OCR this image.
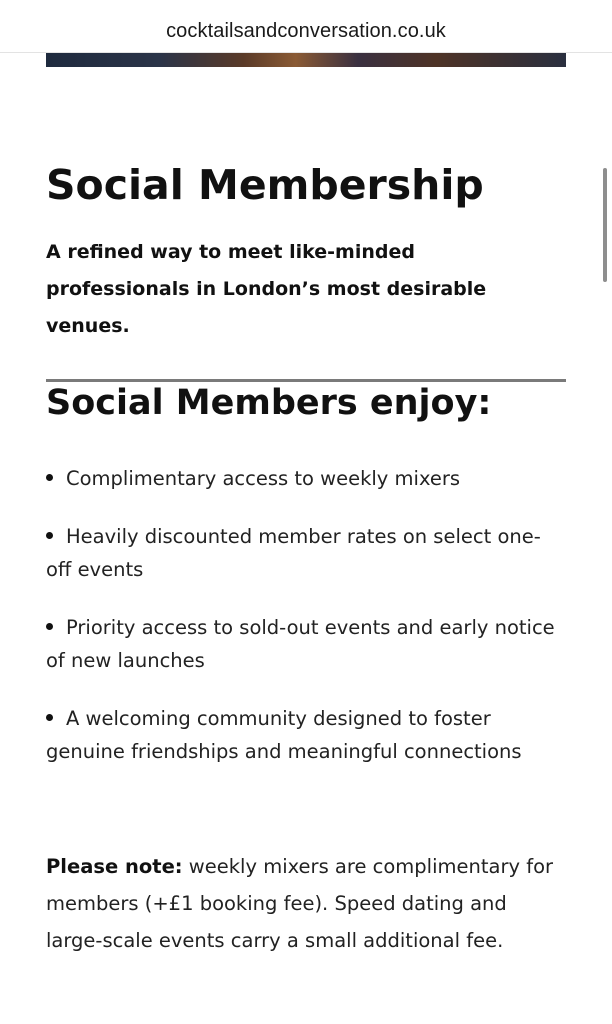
cocktailsandconversation.co.uk
Social Membership

A refined way to meet like-minded professionals in London’s most desirable venues.

Social Members enjoy:
Complimentary access to weekly mixers
Heavily discounted member rates on select one-off events
Priority access to sold-out events and early notice of new launches
A welcoming community designed to foster genuine friendships and meaningful connections

Please note: weekly mixers are complimentary for members (+£1 booking fee). Speed dating and large-scale events carry a small additional fee.
